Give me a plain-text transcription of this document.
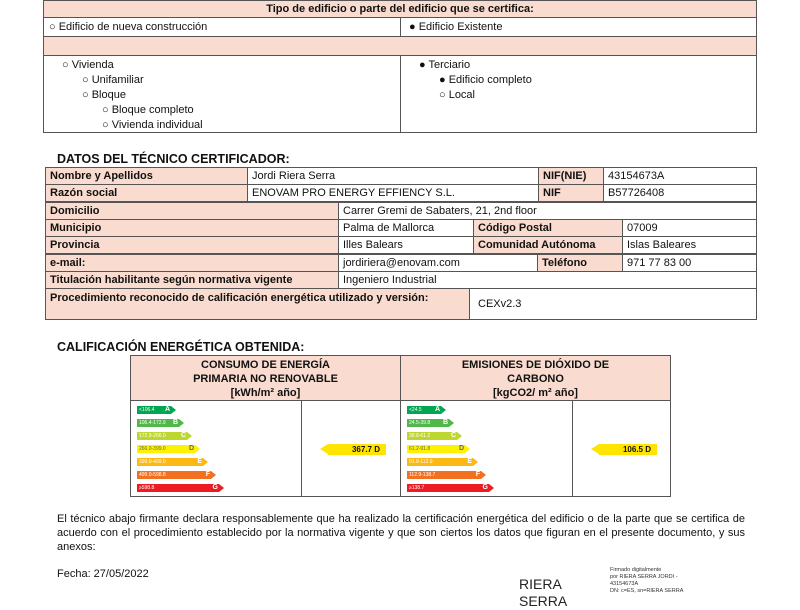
Tipo de edificio o parte del edificio que se certifica:
○ Edificio de nueva construcción	● Edificio Existente
○ Vivienda
○ Unifamiliar
○ Bloque
○ Bloque completo
○ Vivienda individual
● Terciario
● Edificio completo
○ Local
DATOS DEL TÉCNICO CERTIFICADOR:
Nombre y Apellidos	Jordi Riera Serra	NIF(NIE)	43154673A
Razón social	ENOVAM PRO ENERGY EFFIENCY S.L.	NIF	B57726408
Domicilio	Carrer Gremi de Sabaters, 21, 2nd floor
Municipio	Palma de Mallorca	Código Postal	07009
Provincia	Illes Balears	Comunidad Autónoma	Islas Baleares
e-mail:	jordiriera@enovam.com	Teléfono	971 77 83 00
Titulación habilitante según normativa vigente	Ingeniero Industrial
Procedimiento reconocido de calificación energética utilizado y versión:	CEXv2.3
CALIFICACIÓN ENERGÉTICA OBTENIDA:
CONSUMO DE ENERGÍA PRIMARIA NO RENOVABLE
[kWh/m² año]
EMISIONES DE DIÓXIDO DE CARBONO
[kgCO2/ m² año]
<106.4 A
106.4-172.9 B
172.9-266.0 C
266.0-399.0	D
399.0-499.0	E
499.0-598.8	F
≥598.8	G
367.7 D
<24.5 A
24.5-39.8 B
39.8-61.2	C
61.2-91.8	D
91.8-112.9	E
112.9-138.7	F
≥138.7	G
106.5 D
El técnico abajo firmante declara responsablemente que ha realizado la certificación energética del edificio o de la parte que se certifica de acuerdo con el procedimiento establecido por la normativa vigente y que son ciertos los datos que figuran en el presente documento, y sus anexos:
Fecha: 27/05/2022
RIERA
SERRA
Firmado digitalmente
por RIERA SERRA JORDI -
43154673A
DN: c=ES, sn=RIERA SERRA
